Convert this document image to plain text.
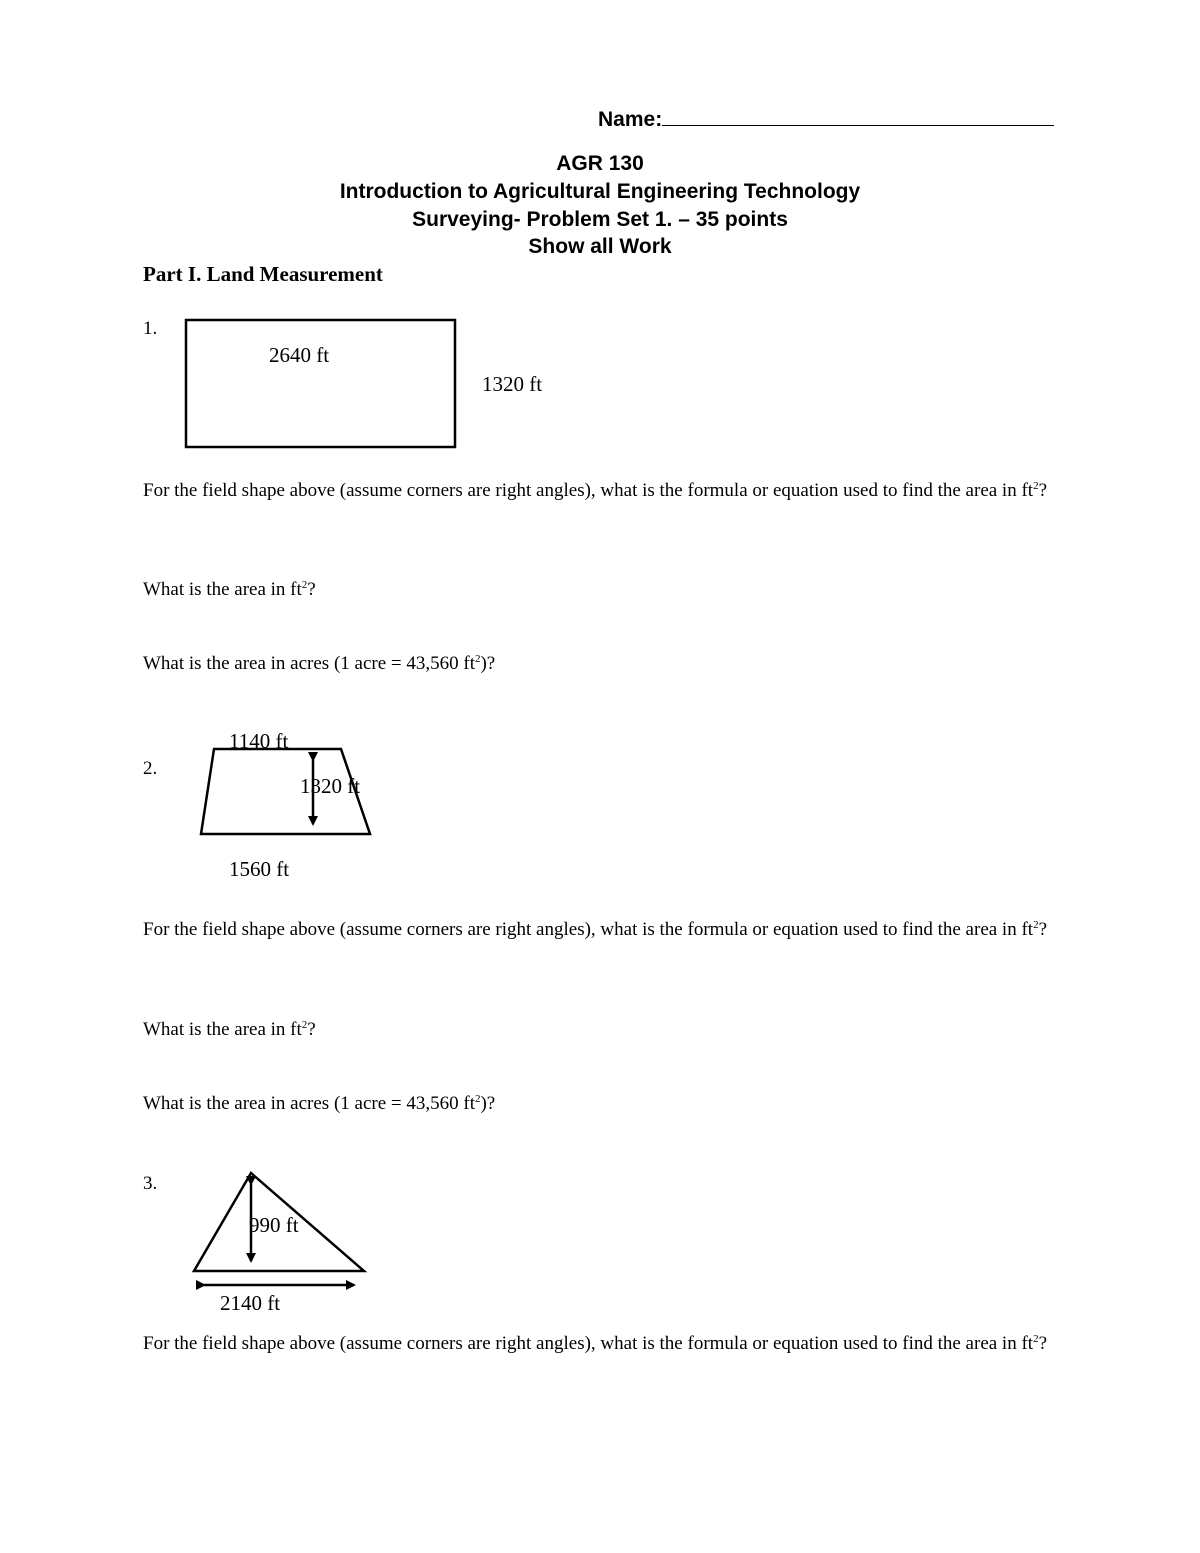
Name:
AGR 130
Introduction to Agricultural Engineering Technology
Surveying- Problem Set 1. – 35 points
Show all Work
Part I. Land Measurement
1.
2640 ft
1320 ft
For the field shape above (assume corners are right angles), what is the formula or equation used to find the area in $ft^2$?
What is the area in $ft^2$?
What is the area in acres (1 acre = 43,560 $ft^2$)?
2.
1140 ft
1320 ft
1560 ft
For the field shape above (assume corners are right angles), what is the formula or equation used to find the area in $ft^2$?
What is the area in $ft^2$?
What is the area in acres (1 acre = 43,560 $ft^2$)?
3.
990 ft
2140 ft
For the field shape above (assume corners are right angles), what is the formula or equation used to find the area in $ft^2$?
